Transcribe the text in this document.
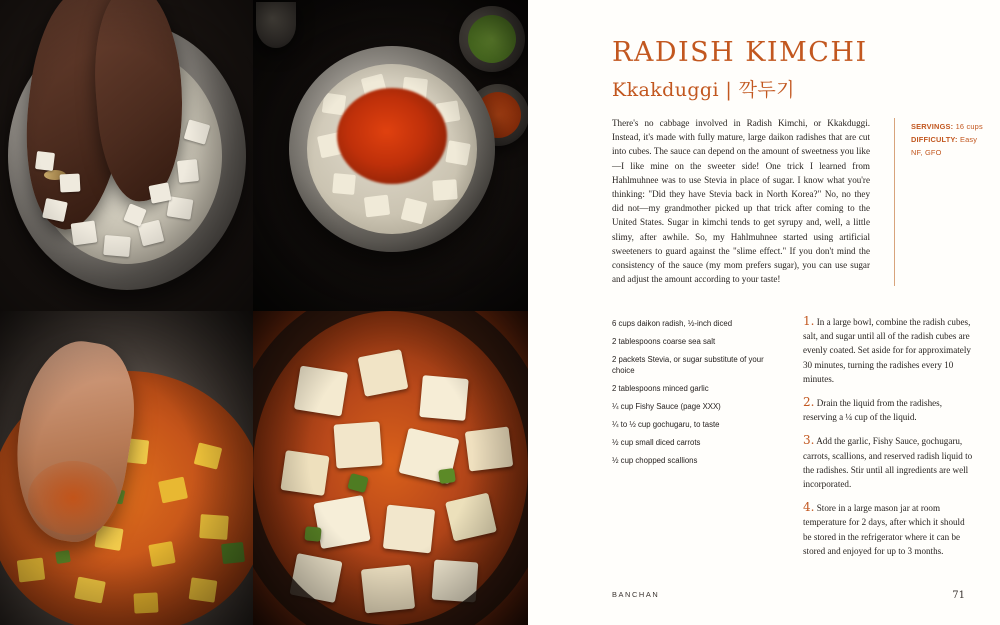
RADISH KIMCHI
Kkakduggi | 깍두기
There's no cabbage involved in Radish Kimchi, or Kkakduggi. Instead, it's made with fully mature, large daikon radishes that are cut into cubes. The sauce can depend on the amount of sweetness you like—I like mine on the sweeter side! One trick I learned from Hahlmuhnee was to use Stevia in place of sugar. I know what you're thinking: "Did they have Stevia back in North Korea?" No, no they did not—my grandmother picked up that trick after coming to the United States. Sugar in kimchi tends to get syrupy and, well, a little slimy, after awhile. So, my Hahlmuhnee started using artificial sweeteners to guard against the "slime effect." If you don't mind the consistency of the sauce (my mom prefers sugar), you can use sugar and adjust the amount according to your taste!
SERVINGS: 16 cups
DIFFICULTY: Easy
NF, GFO
6 cups daikon radish, ½-inch diced
2 tablespoons coarse sea salt
2 packets Stevia, or sugar substitute of your choice
2 tablespoons minced garlic
¼ cup Fishy Sauce (page XXX)
¼ to ½ cup gochugaru, to taste
½ cup small diced carrots
½ cup chopped scallions
1. In a large bowl, combine the radish cubes, salt, and sugar until all of the radish cubes are evenly coated. Set aside for for approximately 30 minutes, turning the radishes every 10 minutes.
2. Drain the liquid from the radishes, reserving a ¼ cup of the liquid.
3. Add the garlic, Fishy Sauce, gochugaru, carrots, scallions, and reserved radish liquid to the radishes. Stir until all ingredients are well incorporated.
4. Store in a large mason jar at room temperature for 2 days, after which it should be stored in the refrigerator where it can be stored and enjoyed for up to 3 months.
BANCHAN	71
